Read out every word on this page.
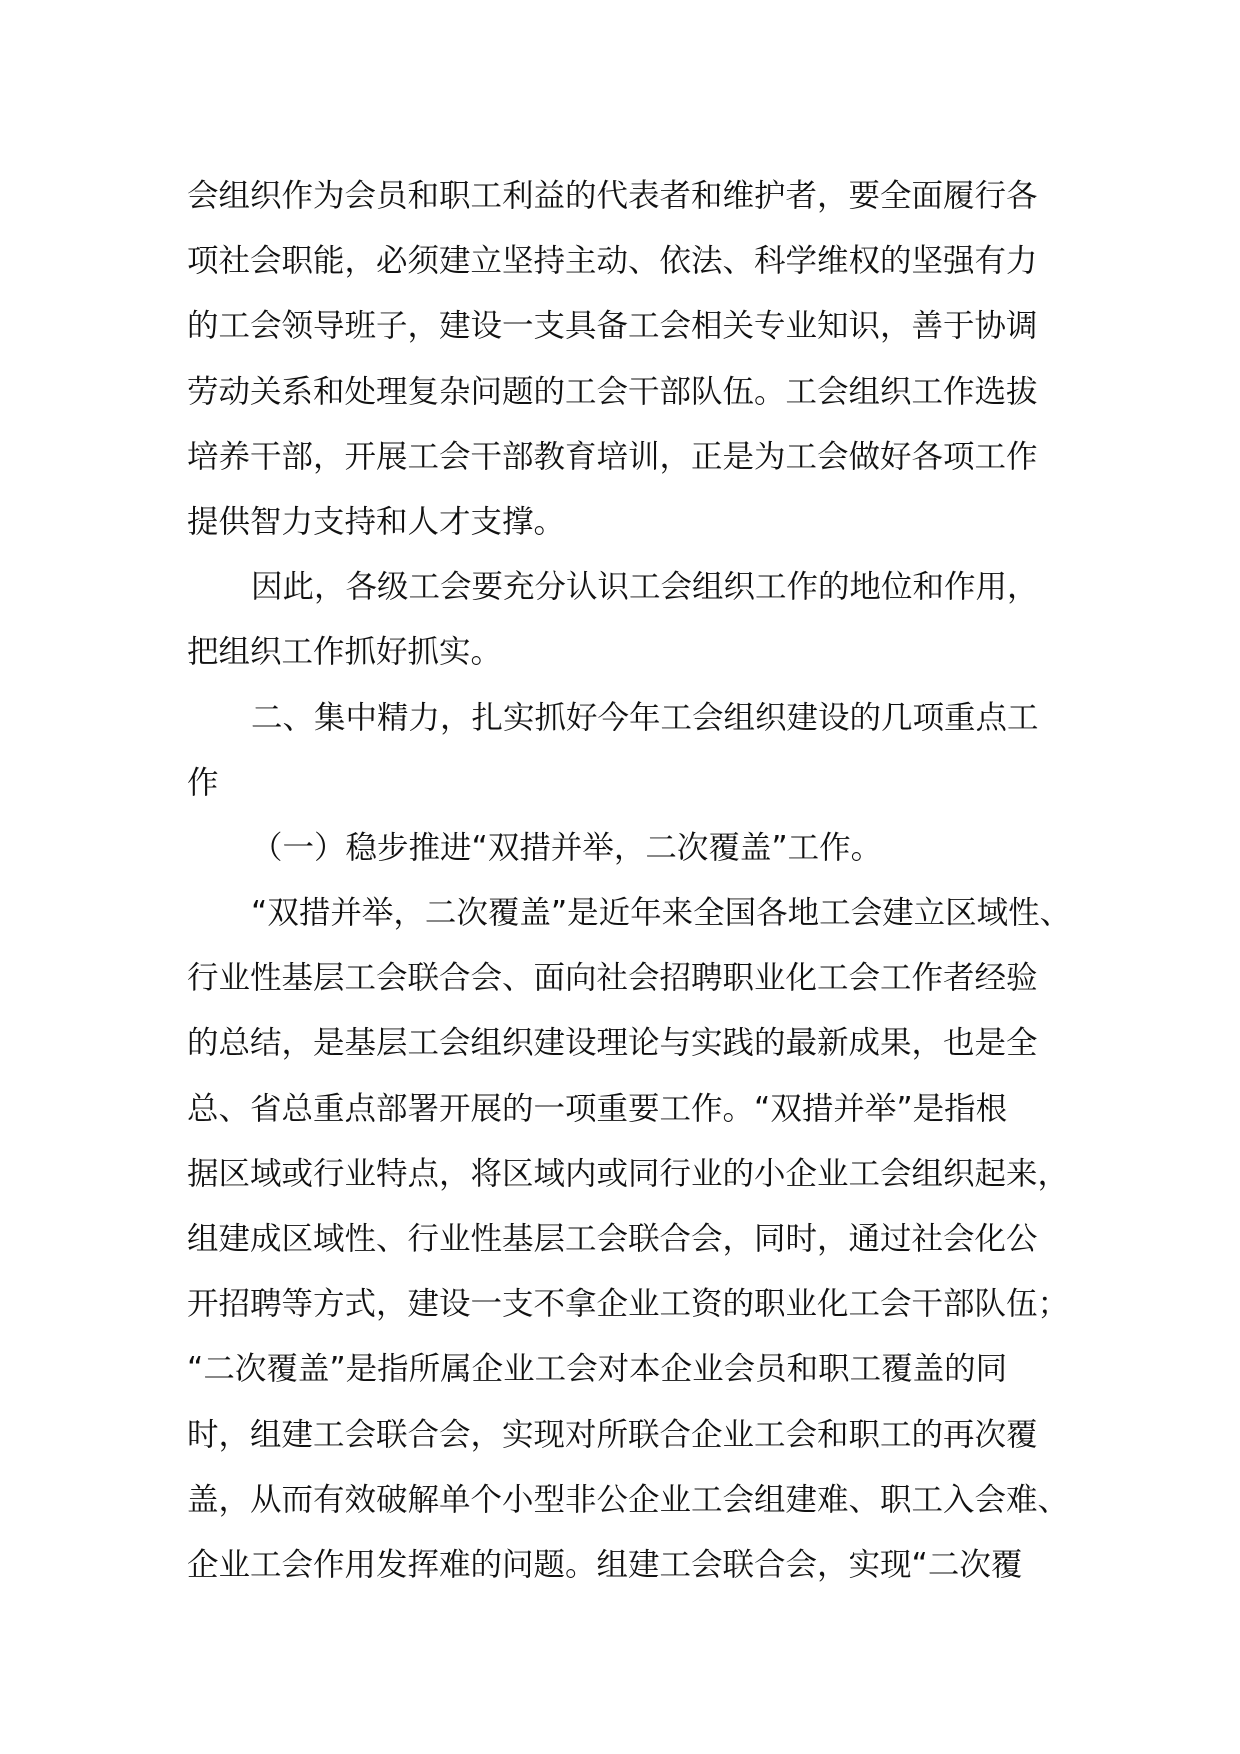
会组织作为会员和职工利益的代表者和维护者，要全面履行各

项社会职能，必须建立坚持主动、依法、科学维权的坚强有力

的工会领导班子，建设一支具备工会相关专业知识，善于协调

劳动关系和处理复杂问题的工会干部队伍。工会组织工作选拔

培养干部，开展工会干部教育培训，正是为工会做好各项工作

提供智力支持和人才支撑。

因此，各级工会要充分认识工会组织工作的地位和作用，

把组织工作抓好抓实。

二、集中精力，扎实抓好今年工会组织建设的几项重点工

作

（一）稳步推进“双措并举，二次覆盖”工作。

“双措并举，二次覆盖”是近年来全国各地工会建立区域性、

行业性基层工会联合会、面向社会招聘职业化工会工作者经验

的总结，是基层工会组织建设理论与实践的最新成果，也是全

总、省总重点部署开展的一项重要工作。“双措并举”是指根

据区域或行业特点，将区域内或同行业的小企业工会组织起来，

组建成区域性、行业性基层工会联合会，同时，通过社会化公

开招聘等方式，建设一支不拿企业工资的职业化工会干部队伍；

“二次覆盖”是指所属企业工会对本企业会员和职工覆盖的同

时，组建工会联合会，实现对所联合企业工会和职工的再次覆

盖，从而有效破解单个小型非公企业工会组建难、职工入会难、

企业工会作用发挥难的问题。组建工会联合会，实现“二次覆
